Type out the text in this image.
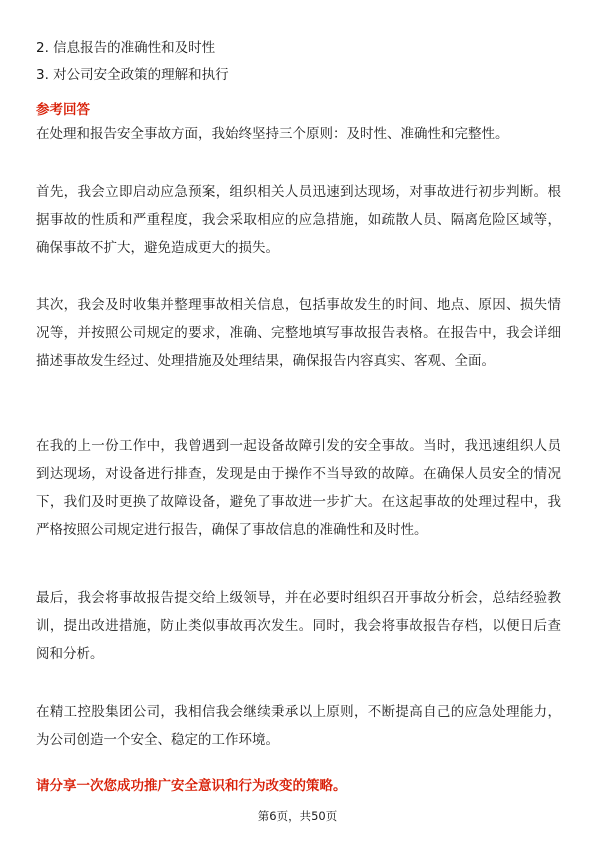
2. 信息报告的准确性和及时性
3. 对公司安全政策的理解和执行
参考回答

在处理和报告安全事故方面，我始终坚持三个原则：及时性、准确性和完整性。

首先，我会立即启动应急预案，组织相关人员迅速到达现场，对事故进行初步判断。根据事故的性质和严重程度，我会采取相应的应急措施，如疏散人员、隔离危险区域等，确保事故不扩大，避免造成更大的损失。

其次，我会及时收集并整理事故相关信息，包括事故发生的时间、地点、原因、损失情况等，并按照公司规定的要求，准确、完整地填写事故报告表格。在报告中，我会详细描述事故发生经过、处理措施及处理结果，确保报告内容真实、客观、全面。

在我的上一份工作中，我曾遇到一起设备故障引发的安全事故。当时，我迅速组织人员到达现场，对设备进行排查，发现是由于操作不当导致的故障。在确保人员安全的情况下，我们及时更换了故障设备，避免了事故进一步扩大。在这起事故的处理过程中，我严格按照公司规定进行报告，确保了事故信息的准确性和及时性。

最后，我会将事故报告提交给上级领导，并在必要时组织召开事故分析会，总结经验教训，提出改进措施，防止类似事故再次发生。同时，我会将事故报告存档，以便日后查阅和分析。

在精工控股集团公司，我相信我会继续秉承以上原则，不断提高自己的应急处理能力，为公司创造一个安全、稳定的工作环境。

请分享一次您成功推广安全意识和行为改变的策略。
第6页，共50页
